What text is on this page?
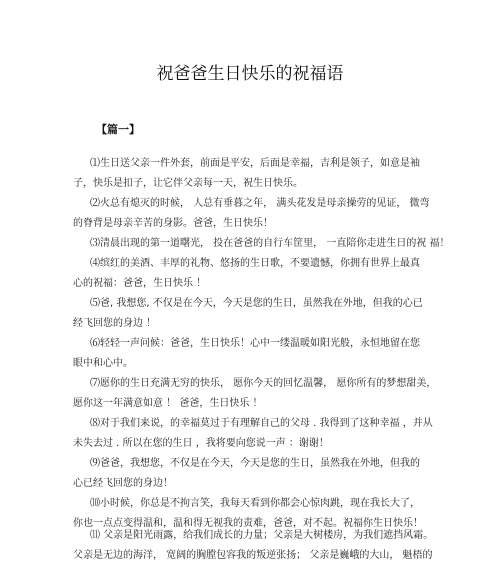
祝爸爸生日快乐的祝福语
【篇一】
⑴生日送父亲一件外套，前面是平安，后面是幸福，吉利是领子，如意是袖
子，快乐是扣子，让它伴父亲每一天，祝生日快乐。
⑵火总有熄灭的时候， 人总有垂暮之年， 满头花发是母亲操劳的见证， 微弯
的脊背是母亲辛苦的身影。爸爸，生日快乐！
⑶清晨出现的第一道曙光， 投在爸爸的自行车筐里， 一直陪你走进生日的祝 福！
⑷缤红的美酒、丰厚的礼物、悠扬的生日歌，不要遗憾，你拥有世界上最真
心的祝福：爸爸，生日快乐 ！
⑸爸, 我想您, 不仅是在今天，今天是您的生日，虽然我在外地，但我的心已
经飞回您的身边 ！
⑹轻轻一声问候：爸爸，生日快乐！心中一缕温暖如阳光般，永恒地留在您
眼中和心中。
⑺愿你的生日充满无穷的快乐， 愿你今天的回忆温馨， 愿你所有的梦想甜美，
愿你这一年满意如意 ！ 爸爸，生日快乐 ！
⑻对于我们来说，的幸福莫过于有理解自己的父母 . 我得到了这种幸福 ，并从
未失去过 . 所以在您的生日 ，我将要向您说一声 ：谢谢！
⑼爸爸，我想您，不仅是在今天，今天是您的生日，虽然我在外地，但我的
心已经飞回您的身边！
⑽小时候，你总是不拘言笑，我每天看到你都会心惊肉跳，现在我长大了，
你也一点点变得温和，温和得无视我的责难，爸爸，对不起。祝福你生日快乐！
⑾ 父亲是阳光雨露，给我们成长的力量；父亲是大树楼房，为我们遮挡风霜。
父亲是无边的海洋， 宽阔的胸膛包容我的叛逆张扬； 父亲是巍峨的大山， 魁梧的
